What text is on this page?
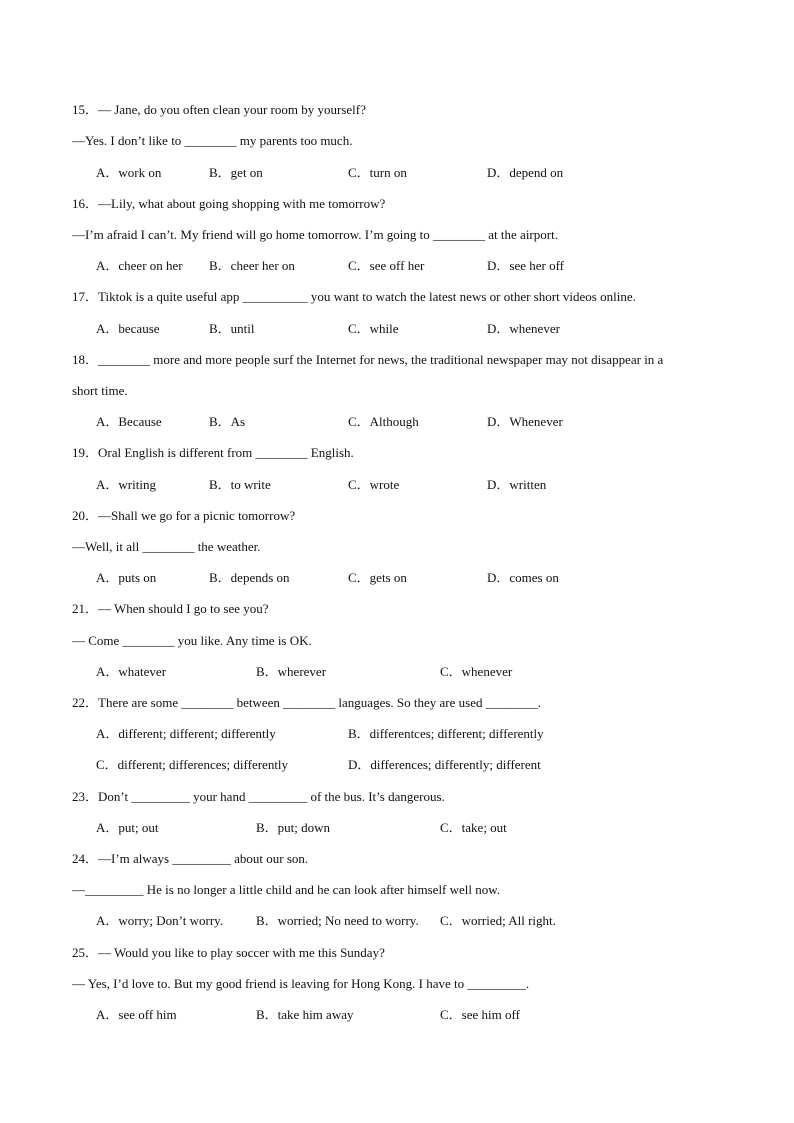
15．— Jane, do you often clean your room by yourself?
—Yes. I don’t like to ________ my parents too much.
A．work on	B．get on	C．turn on	D．depend on
16．—Lily, what about going shopping with me tomorrow?
—I’m afraid I can’t. My friend will go home tomorrow. I’m going to ________ at the airport.
A．cheer on her B．cheer her on	C．see off her	D．see her off
17．Tiktok is a quite useful app __________ you want to watch the latest news or other short videos online.
A．because	B．until	C．while	D．whenever
18．________ more and more people surf the Internet for news, the traditional newspaper may not disappear in a
short time.
A．Because	B．As	C．Although	D．Whenever
19．Oral English is different from ________ English.
A．writing	B．to write	C．wrote	D．written
20．—Shall we go for a picnic tomorrow?
—Well, it all ________ the weather.
A．puts on	B．depends on	C．gets on	D．comes on
21．— When should I go to see you?
— Come ________ you like. Any time is OK.
A．whatever	B．wherever	C．whenever
22．There are some ________ between ________ languages. So they are used ________.
A．different; different; differently	B．differentces; different; differently
C．different; differences; differently	D．differences; differently; different
23．Don’t _________ your hand _________ of the bus. It’s dangerous.
A．put; out	B．put; down	C．take; out
24．—I’m always _________ about our son.
—_________ He is no longer a little child and he can look after himself well now.
A．worry; Don’t worry.	B．worried; No need to worry. C．worried; All right.
25．— Would you like to play soccer with me this Sunday?
— Yes, I’d love to. But my good friend is leaving for Hong Kong. I have to _________.
A．see off him	B．take him away	C．see him off
